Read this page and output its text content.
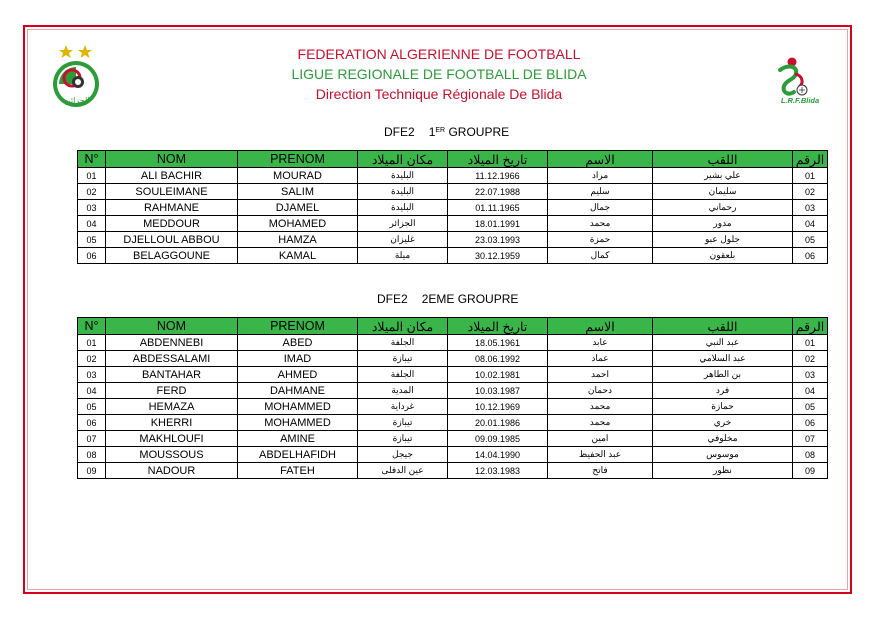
الجزائر	L.R.F.Blida
FEDERATION ALGERIENNE DE FOOTBALL
LIGUE REGIONALE DE FOOTBALL DE BLIDA
Direction Technique Régionale De Blida
DFE2 1ER GROUPRE
N°	NOM	PRENOM	مكان الميلاد	تاريخ الميلاد	الاسم	اللقب	الرقم
01	ALI BACHIR	MOURAD	البليدة	11.12.1966	مراد	علي بشير	01
02	SOULEIMANE	SALIM	البليدة	22.07.1988	سليم	سليمان	02
03	RAHMANE	DJAMEL	البليدة	01.11.1965	جمال	رحماني	03
04	MEDDOUR	MOHAMED	الجزائر	18.01.1991	محمد	مدور	04
05	DJELLOUL ABBOU	HAMZA	غليزان	23.03.1993	حمزة	جلول عبو	05
06	BELAGGOUNE	KAMAL	ميلة	30.12.1959	كمال	بلعقون	06
DFE2 2EME GROUPRE
N°	NOM	PRENOM	مكان الميلاد	تاريخ الميلاد	الاسم	اللقب	الرقم
01	ABDENNEBI	ABED	الجلفة	18.05.1961	عابد	عبد النبي	01
02	ABDESSALAMI	IMAD	تيبازة	08.06.1992	عماد	عبد السلامي	02
03	BANTAHAR	AHMED	الجلفة	10.02.1981	احمد	بن الطاهر	03
04	FERD	DAHMANE	المدية	10.03.1987	دحمان	فرد	04
05	HEMAZA	MOHAMMED	غرداية	10.12.1969	محمد	حمازة	05
06	KHERRI	MOHAMMED	تيبازة	20.01.1986	محمد	خري	06
07	MAKHLOUFI	AMINE	تيبازة	09.09.1985	امين	مخلوفي	07
08	MOUSSOUS	ABDELHAFIDH	جيجل	14.04.1990	عبد الحفيظ	موسوس	08
09	NADOUR	FATEH	عين الدفلى	12.03.1983	فاتح	نظور	09
